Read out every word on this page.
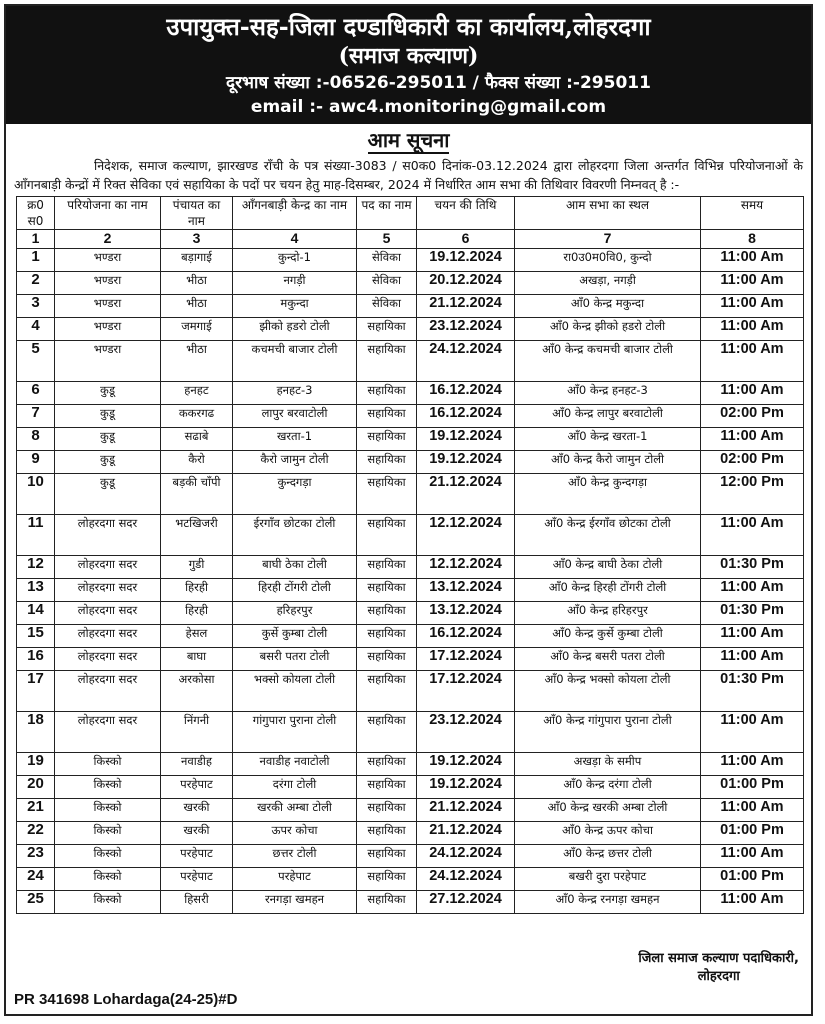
उपायुक्त-सह-जिला दण्डाधिकारी का कार्यालय,लोहरदगा
(समाज कल्याण)
दूरभाष संख्या :-06526-295011 / फैक्स संख्या :-295011
email :- awc4.monitoring@gmail.com
आम सूचना
निदेशक, समाज कल्याण, झारखण्ड राँची के पत्र संख्या-3083 / स0क0 दिनांक-03.12.2024 द्वारा लोहरदगा जिला अन्तर्गत विभिन्न परियोजनाओं के आँगनबाड़ी केन्द्रों में रिक्त सेविका एवं सहायिका के पदों पर चयन हेतु माह-दिसम्बर, 2024 में निर्धारित आम सभा की तिथिवार विवरणी निम्नवत् है :-
क्र0 स0	परियोजना का नाम	पंचायत का नाम	आँगनबाड़ी केन्द्र का नाम	पद का नाम	चयन की तिथि	आम सभा का स्थल	समय
1	2	3	4	5	6	7	8
1	भण्डरा	बड़ागाई	कुन्दो-1	सेविका	19.12.2024	रा0उ0म0वि0, कुन्दो	11:00 Am
2	भण्डरा	भीठा	नगड़ी	सेविका	20.12.2024	अखड़ा, नगड़ी	11:00 Am
3	भण्डरा	भीठा	मकुन्दा	सेविका	21.12.2024	आँ0 केन्द्र मकुन्दा	11:00 Am
4	भण्डरा	जमगाई	झीको हडरो टोली	सहायिका	23.12.2024	आँ0 केन्द्र झीको हडरो टोली	11:00 Am
5	भण्डरा	भीठा	कचमची बाजार टोली	सहायिका	24.12.2024	आँ0 केन्द्र कचमची बाजार टोली	11:00 Am
6	कुडू	हनहट	हनहट-3	सहायिका	16.12.2024	आँ0 केन्द्र हनहट-3	11:00 Am
7	कुडू	ककरगढ	लापुर बरवाटोली	सहायिका	16.12.2024	आँ0 केन्द्र लापुर बरवाटोली	02:00 Pm
8	कुडू	सढाबे	खरता-1	सहायिका	19.12.2024	आँ0 केन्द्र खरता-1	11:00 Am
9	कुडू	कैरो	कैरो जामुन टोली	सहायिका	19.12.2024	आँ0 केन्द्र कैरो जामुन टोली	02:00 Pm
10	कुडू	बड़की चाँपी	कुन्दगड़ा	सहायिका	21.12.2024	आँ0 केन्द्र कुन्दगड़ा	12:00 Pm
11	लोहरदगा सदर	भटखिजरी	ईरगाँव छोटका टोली	सहायिका	12.12.2024	आँ0 केन्द्र ईरगाँव छोटका टोली	11:00 Am
12	लोहरदगा सदर	गुडी	बाघी ठेका टोली	सहायिका	12.12.2024	आँ0 केन्द्र बाघी ठेका टोली	01:30 Pm
13	लोहरदगा सदर	हिरही	हिरही टोंगरी टोली	सहायिका	13.12.2024	आँ0 केन्द्र हिरही टोंगरी टोली	11:00 Am
14	लोहरदगा सदर	हिरही	हरिहरपुर	सहायिका	13.12.2024	आँ0 केन्द्र हरिहरपुर	01:30 Pm
15	लोहरदगा सदर	हेसल	कुर्से कुम्बा टोली	सहायिका	16.12.2024	आँ0 केन्द्र कुर्से कुम्बा टोली	11:00 Am
16	लोहरदगा सदर	बाघा	बसरी पतरा टोली	सहायिका	17.12.2024	आँ0 केन्द्र बसरी पतरा टोली	11:00 Am
17	लोहरदगा सदर	अरकोसा	भक्सो कोयला टोली	सहायिका	17.12.2024	आँ0 केन्द्र भक्सो कोयला टोली	01:30 Pm
18	लोहरदगा सदर	निंगनी	गांगुपारा पुराना टोली	सहायिका	23.12.2024	आँ0 केन्द्र गांगुपारा पुराना टोली	11:00 Am
19	किस्को	नवाडीह	नवाडीह नवाटोली	सहायिका	19.12.2024	अखड़ा के समीप	11:00 Am
20	किस्को	परहेपाट	दरंगा टोली	सहायिका	19.12.2024	आँ0 केन्द्र दरंगा टोली	01:00 Pm
21	किस्को	खरकी	खरकी अम्बा टोली	सहायिका	21.12.2024	आँ0 केन्द्र खरकी अम्बा टोली	11:00 Am
22	किस्को	खरकी	ऊपर कोचा	सहायिका	21.12.2024	आँ0 केन्द्र ऊपर कोचा	01:00 Pm
23	किस्को	परहेपाट	छत्तर टोली	सहायिका	24.12.2024	आँ0 केन्द्र छत्तर टोली	11:00 Am
24	किस्को	परहेपाट	परहेपाट	सहायिका	24.12.2024	बखरी दुरा परहेपाट	01:00 Pm
25	किस्को	हिसरी	रनगड़ा खमहन	सहायिका	27.12.2024	आँ0 केन्द्र रनगड़ा खमहन	11:00 Am
जिला समाज कल्याण पदाधिकारी,
लोहरदगा
PR 341698 Lohardaga(24-25)#D
